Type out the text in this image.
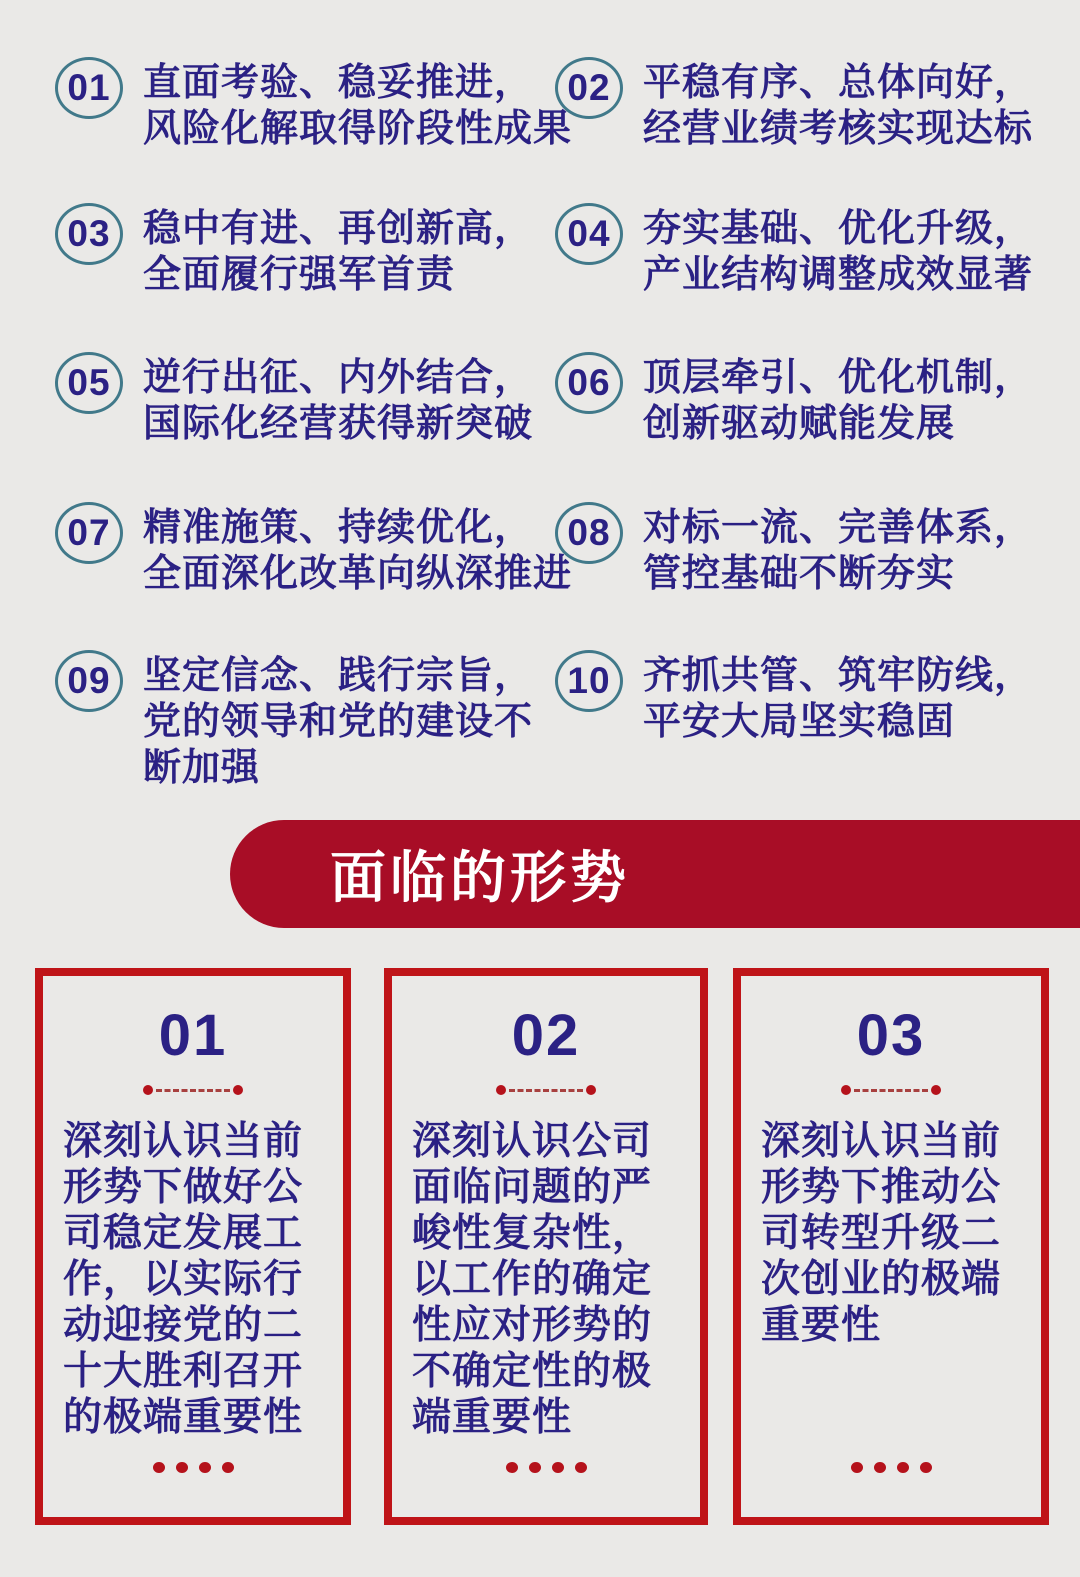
01 直面考验、稳妥推进，
风险化解取得阶段性成果
02 平稳有序、总体向好，
经营业绩考核实现达标
03 稳中有进、再创新高，
全面履行强军首责
04 夯实基础、优化升级，
产业结构调整成效显著
05 逆行出征、内外结合，
国际化经营获得新突破
06 顶层牵引、优化机制，
创新驱动赋能发展
07 精准施策、持续优化，
全面深化改革向纵深推进
08 对标一流、完善体系，
管控基础不断夯实
09 坚定信念、践行宗旨，
党的领导和党的建设不
断加强
10 齐抓共管、筑牢防线，
平安大局坚实稳固
面临的形势
01
深刻认识当前
形势下做好公
司稳定发展工
作，以实际行
动迎接党的二
十大胜利召开
的极端重要性
02
深刻认识公司
面临问题的严
峻性复杂性，
以工作的确定
性应对形势的
不确定性的极
端重要性
03
深刻认识当前
形势下推动公
司转型升级二
次创业的极端
重要性
